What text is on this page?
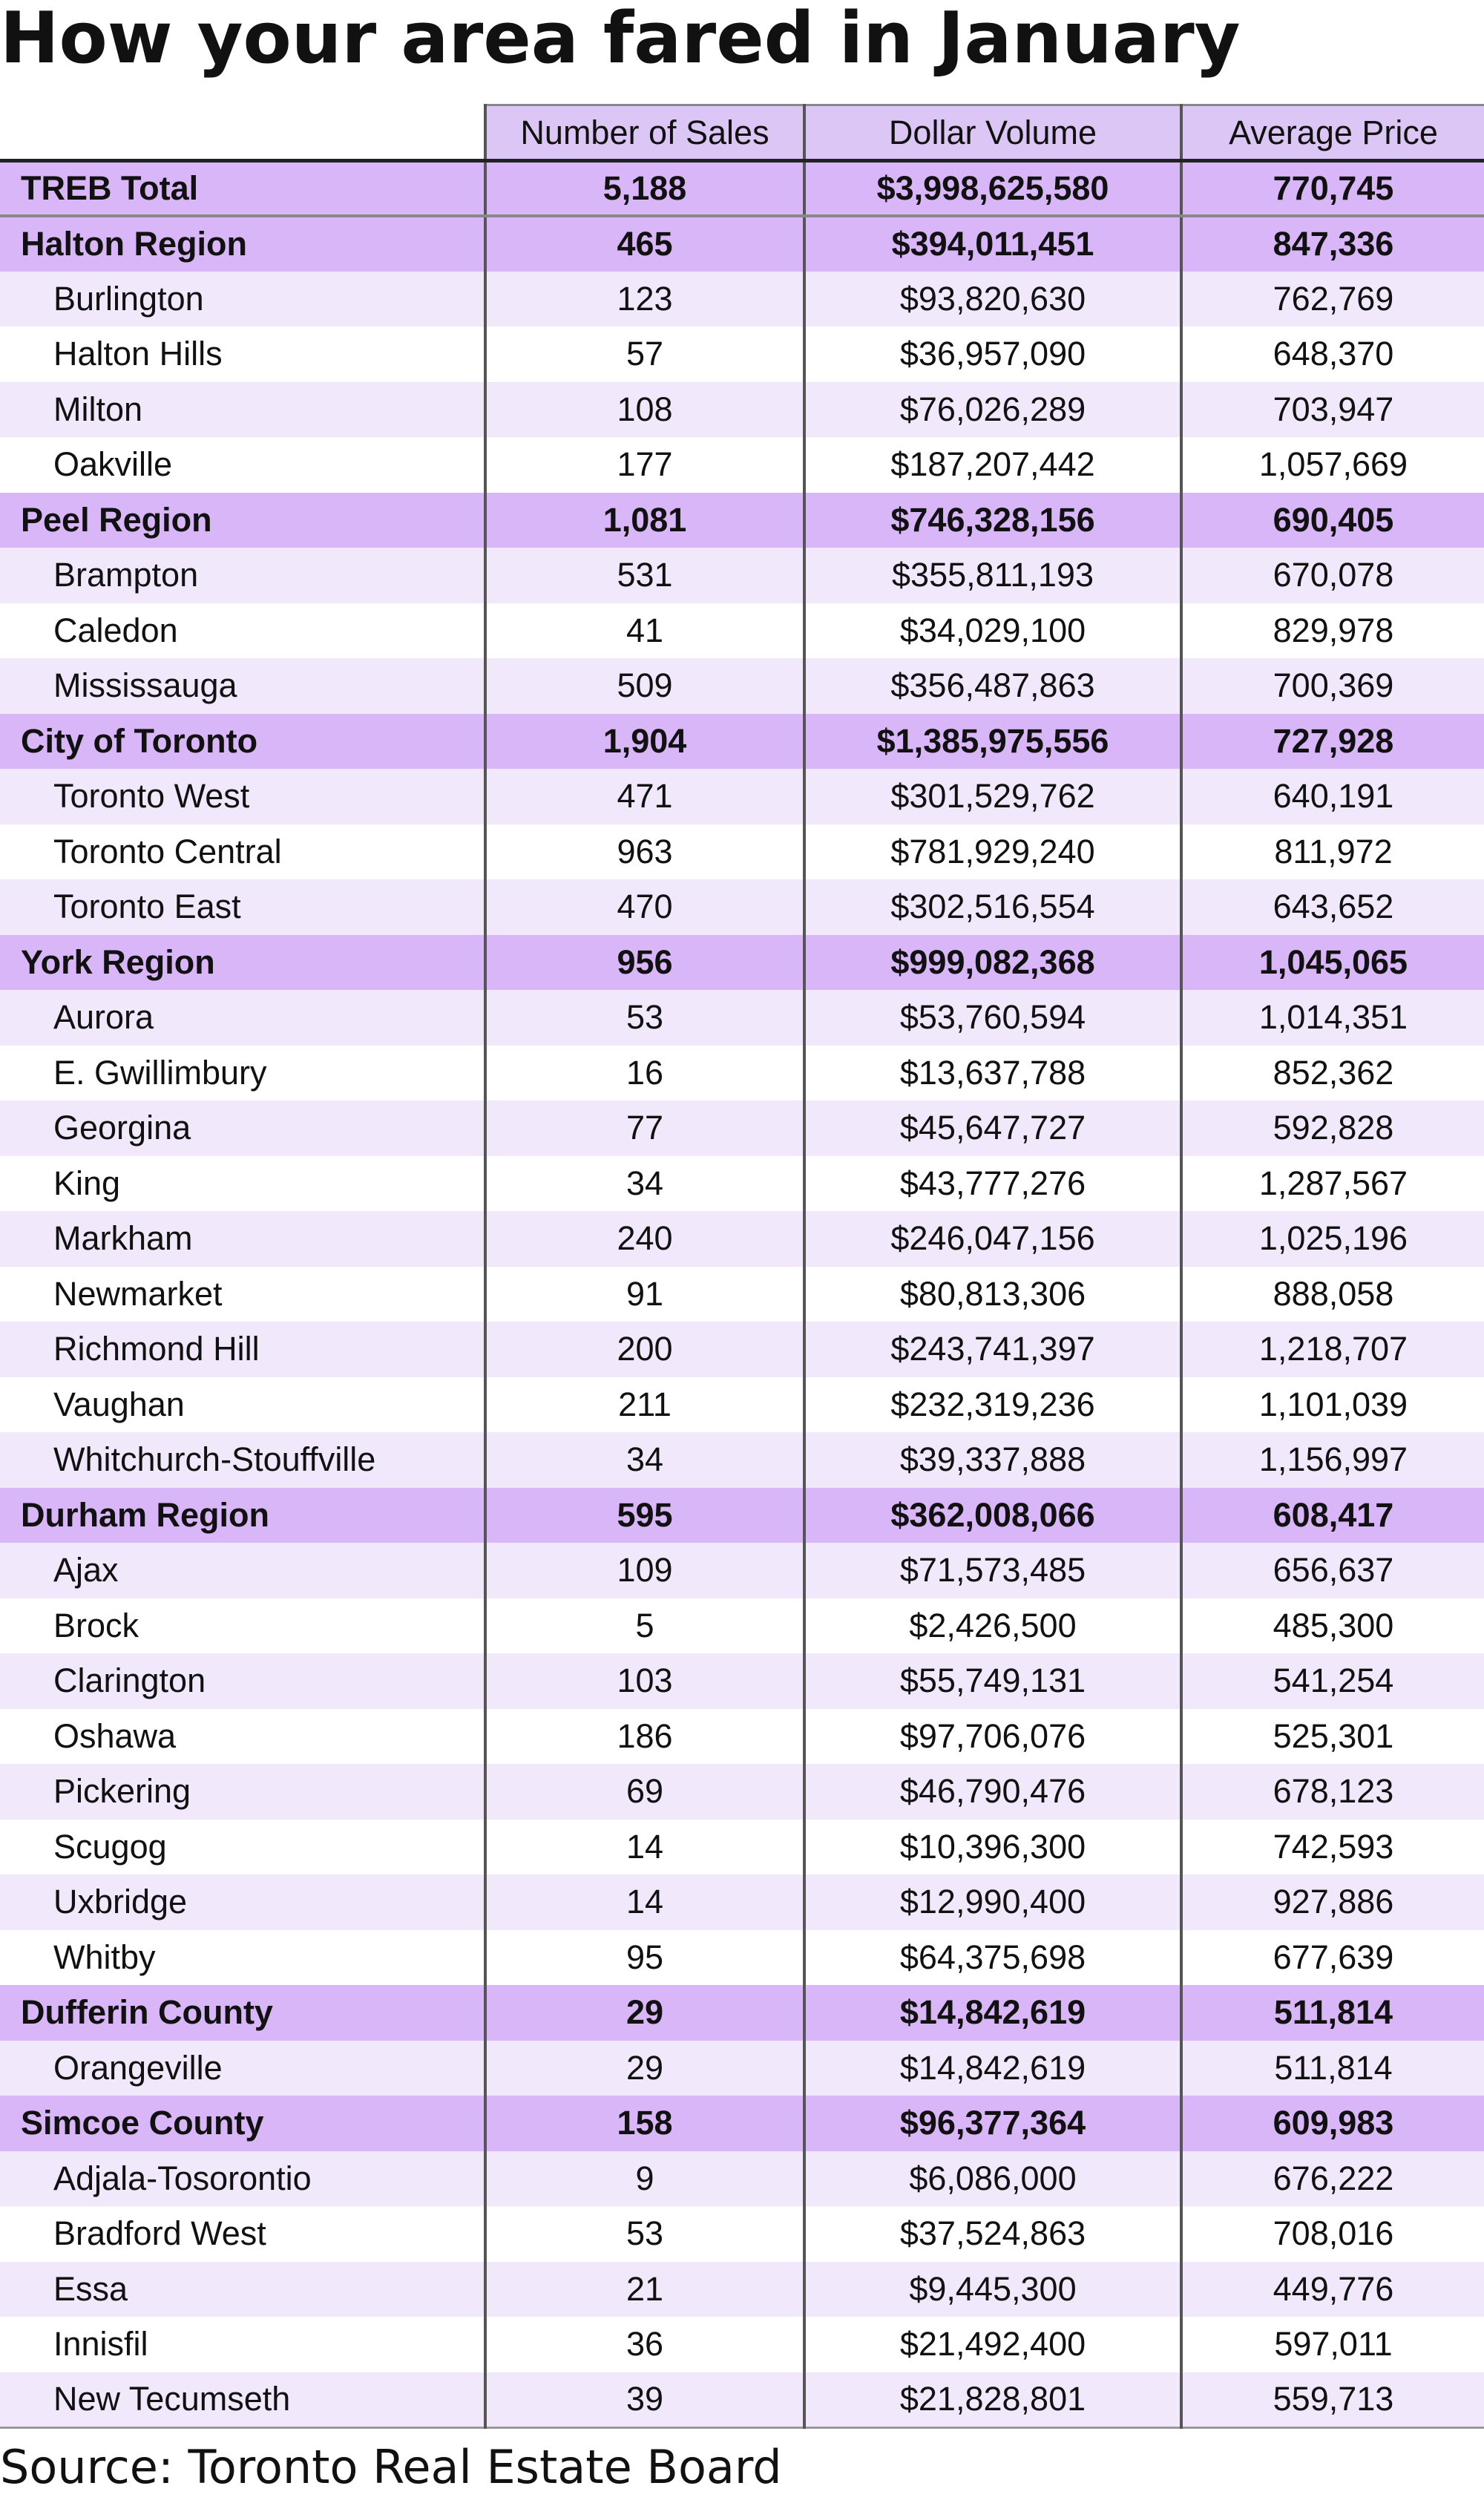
How your area fared in January
	Number of Sales	Dollar Volume	Average Price
TREB Total	5,188	$3,998,625,580	770,745
Halton Region	465	$394,011,451	847,336
Burlington	123	$93,820,630	762,769
Halton Hills	57	$36,957,090	648,370
Milton	108	$76,026,289	703,947
Oakville	177	$187,207,442	1,057,669
Peel Region	1,081	$746,328,156	690,405
Brampton	531	$355,811,193	670,078
Caledon	41	$34,029,100	829,978
Mississauga	509	$356,487,863	700,369
City of Toronto	1,904	$1,385,975,556	727,928
Toronto West	471	$301,529,762	640,191
Toronto Central	963	$781,929,240	811,972
Toronto East	470	$302,516,554	643,652
York Region	956	$999,082,368	1,045,065
Aurora	53	$53,760,594	1,014,351
E. Gwillimbury	16	$13,637,788	852,362
Georgina	77	$45,647,727	592,828
King	34	$43,777,276	1,287,567
Markham	240	$246,047,156	1,025,196
Newmarket	91	$80,813,306	888,058
Richmond Hill	200	$243,741,397	1,218,707
Vaughan	211	$232,319,236	1,101,039
Whitchurch-Stouffville	34	$39,337,888	1,156,997
Durham Region	595	$362,008,066	608,417
Ajax	109	$71,573,485	656,637
Brock	5	$2,426,500	485,300
Clarington	103	$55,749,131	541,254
Oshawa	186	$97,706,076	525,301
Pickering	69	$46,790,476	678,123
Scugog	14	$10,396,300	742,593
Uxbridge	14	$12,990,400	927,886
Whitby	95	$64,375,698	677,639
Dufferin County	29	$14,842,619	511,814
Orangeville	29	$14,842,619	511,814
Simcoe County	158	$96,377,364	609,983
Adjala-Tosorontio	9	$6,086,000	676,222
Bradford West	53	$37,524,863	708,016
Essa	21	$9,445,300	449,776
Innisfil	36	$21,492,400	597,011
New Tecumseth	39	$21,828,801	559,713
Source: Toronto Real Estate Board
